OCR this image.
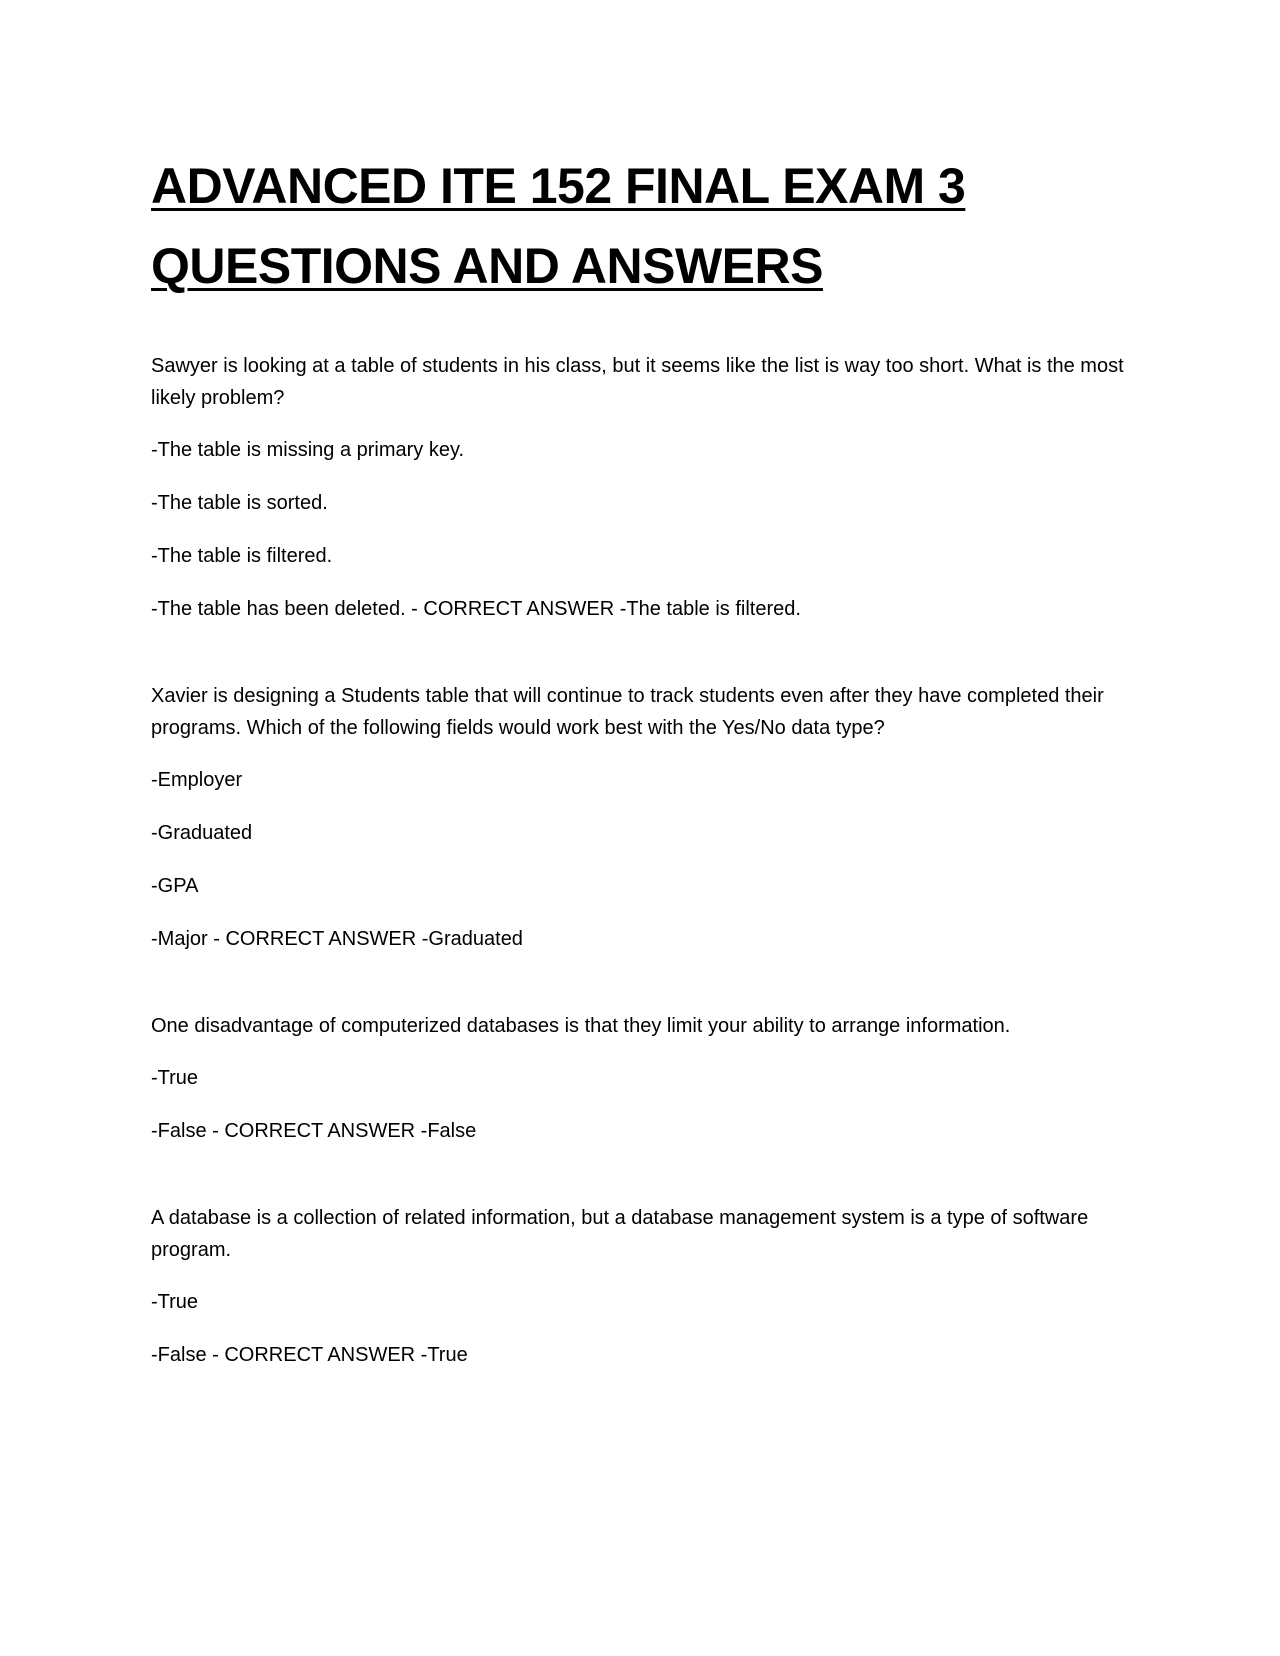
ADVANCED ITE 152 FINAL EXAM 3
QUESTIONS AND ANSWERS

Sawyer is looking at a table of students in his class, but it seems like the list is way too short. What is the most likely problem?

-The table is missing a primary key.

-The table is sorted.

-The table is filtered.

-The table has been deleted. - CORRECT ANSWER -The table is filtered.

Xavier is designing a Students table that will continue to track students even after they have completed their programs. Which of the following fields would work best with the Yes/No data type?

-Employer

-Graduated

-GPA

-Major - CORRECT ANSWER -Graduated

One disadvantage of computerized databases is that they limit your ability to arrange information.

-True

-False - CORRECT ANSWER -False

A database is a collection of related information, but a database management system is a type of software program.

-True

-False - CORRECT ANSWER -True
